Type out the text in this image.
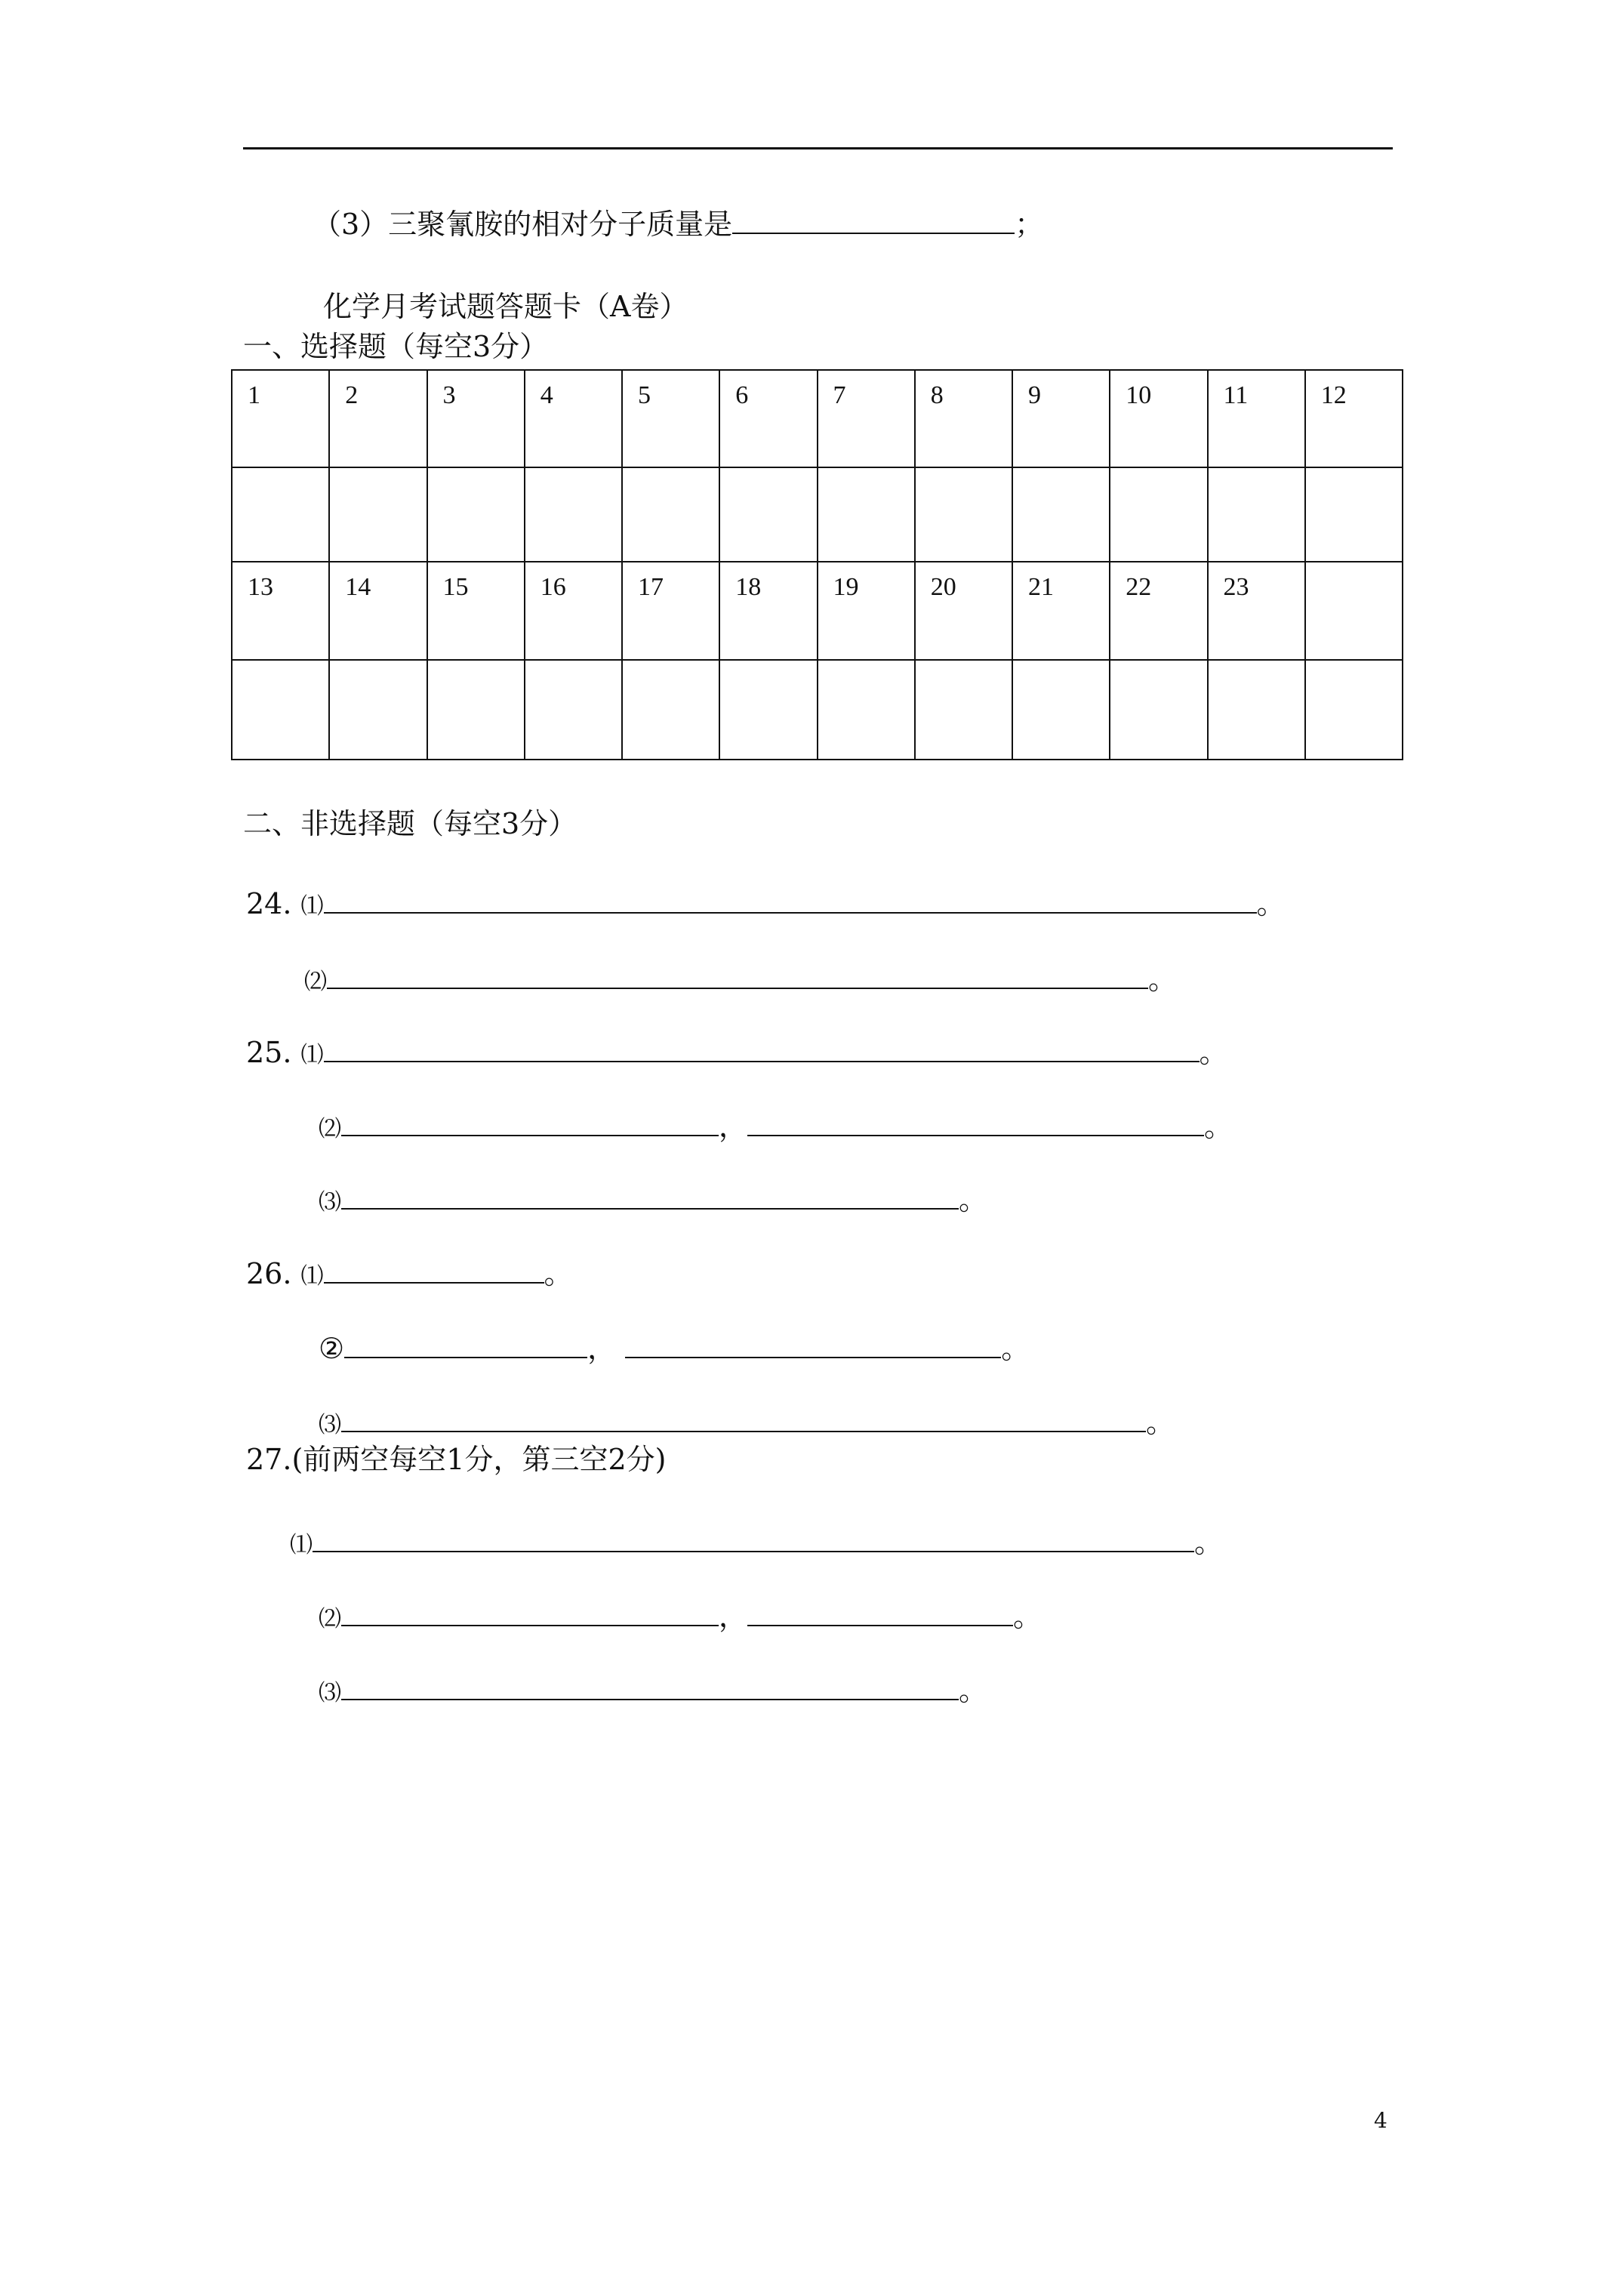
（3）三聚氰胺的相对分子质量是	；
化学月考试题答题卡（A卷）
一、选择题（每空3分）
1	2	3	4	5	6	7	8	9	10	11	12

13	14	15	16	17	18	19	20	21	22	23	

二、非选择题（每空3分）
24. ⑴	。
⑵	。
25. ⑴	。
⑵	，	。
⑶	。
26. ⑴	。
②	，	。
⑶	。
27.(前两空每空1分，第三空2分)
⑴	。
⑵	，	。
⑶	。
4
